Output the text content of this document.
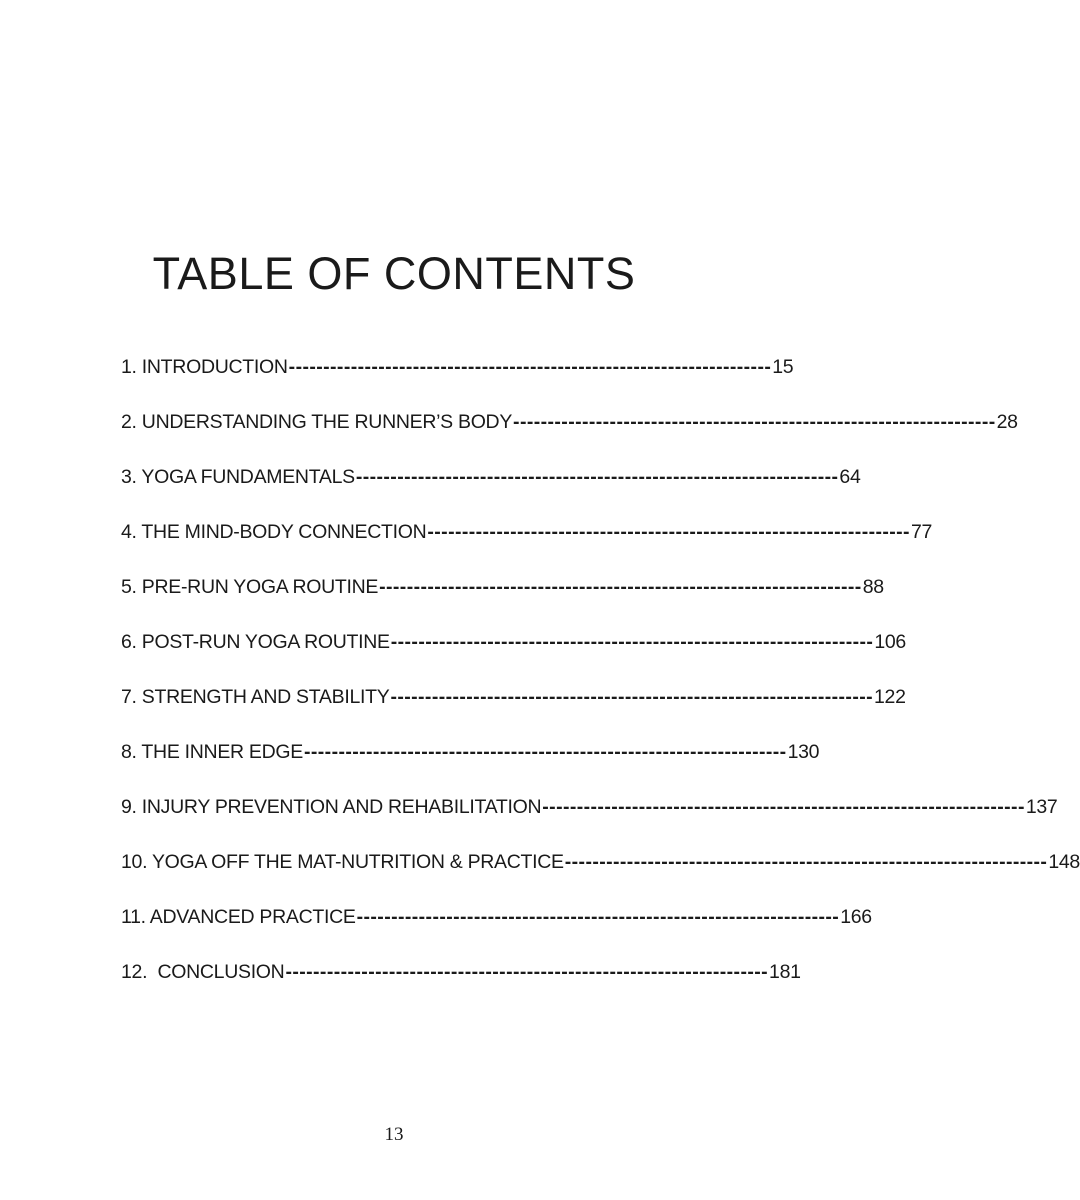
TABLE OF CONTENTS
1. INTRODUCTION ---------------------------------------------------------------------- 15
2. UNDERSTANDING THE RUNNER’S BODY ---------------------------------------------------------------------- 28
3. YOGA FUNDAMENTALS ---------------------------------------------------------------------- 64
4. THE MIND-BODY CONNECTION ---------------------------------------------------------------------- 77
5. PRE-RUN YOGA ROUTINE ---------------------------------------------------------------------- 88
6. POST-RUN YOGA ROUTINE ---------------------------------------------------------------------- 106
7. STRENGTH AND STABILITY ---------------------------------------------------------------------- 122
8. THE INNER EDGE ---------------------------------------------------------------------- 130
9. INJURY PREVENTION AND REHABILITATION ---------------------------------------------------------------------- 137
10. YOGA OFF THE MAT-NUTRITION & PRACTICE ---------------------------------------------------------------------- 148
11. ADVANCED PRACTICE ---------------------------------------------------------------------- 166
12.  CONCLUSION ---------------------------------------------------------------------- 181
13
